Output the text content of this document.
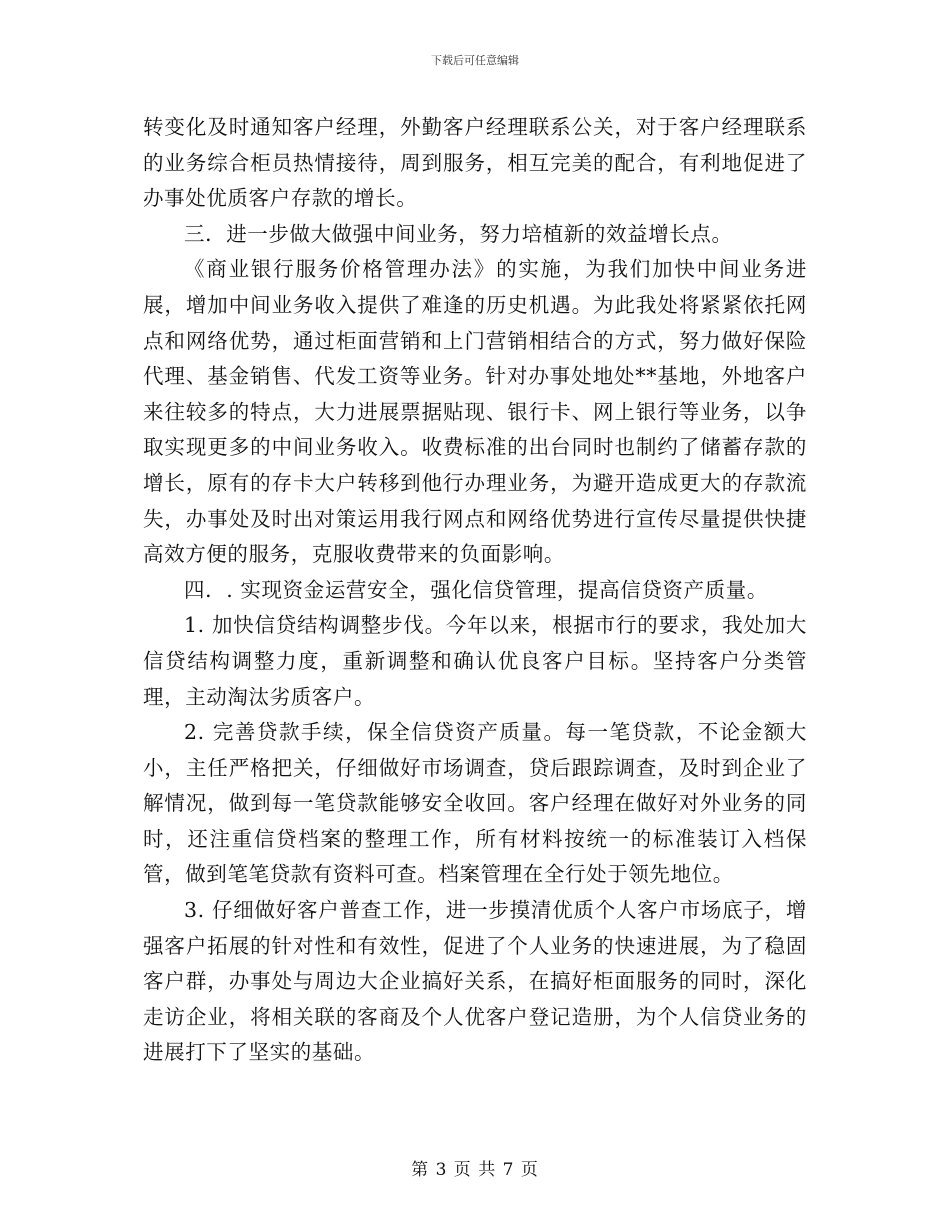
下载后可任意编辑

转变化及时通知客户经理，外勤客户经理联系公关，对于客户经理联系的业务综合柜员热情接待，周到服务，相互完美的配合，有利地促进了办事处优质客户存款的增长。

三．进一步做大做强中间业务，努力培植新的效益增长点。

《商业银行服务价格管理办法》的实施，为我们加快中间业务进展，增加中间业务收入提供了难逢的历史机遇。为此我处将紧紧依托网点和网络优势，通过柜面营销和上门营销相结合的方式，努力做好保险代理、基金销售、代发工资等业务。针对办事处地处**基地，外地客户来往较多的特点，大力进展票据贴现、银行卡、网上银行等业务，以争取实现更多的中间业务收入。收费标准的出台同时也制约了储蓄存款的增长，原有的存卡大户转移到他行办理业务，为避开造成更大的存款流失，办事处及时出对策运用我行网点和网络优势进行宣传尽量提供快捷高效方便的服务，克服收费带来的负面影响。

四．. 实现资金运营安全，强化信贷管理，提高信贷资产质量。

1. 加快信贷结构调整步伐。今年以来，根据市行的要求，我处加大信贷结构调整力度，重新调整和确认优良客户目标。坚持客户分类管理，主动淘汰劣质客户。

2. 完善贷款手续，保全信贷资产质量。每一笔贷款，不论金额大小，主任严格把关，仔细做好市场调查，贷后跟踪调查，及时到企业了解情况，做到每一笔贷款能够安全收回。客户经理在做好对外业务的同时，还注重信贷档案的整理工作，所有材料按统一的标准装订入档保管，做到笔笔贷款有资料可查。档案管理在全行处于领先地位。

3. 仔细做好客户普查工作，进一步摸清优质个人客户市场底子，增强客户拓展的针对性和有效性，促进了个人业务的快速进展，为了稳固客户群，办事处与周边大企业搞好关系，在搞好柜面服务的同时，深化走访企业，将相关联的客商及个人优客户登记造册，为个人信贷业务的进展打下了坚实的基础。

第 3 页 共 7 页
